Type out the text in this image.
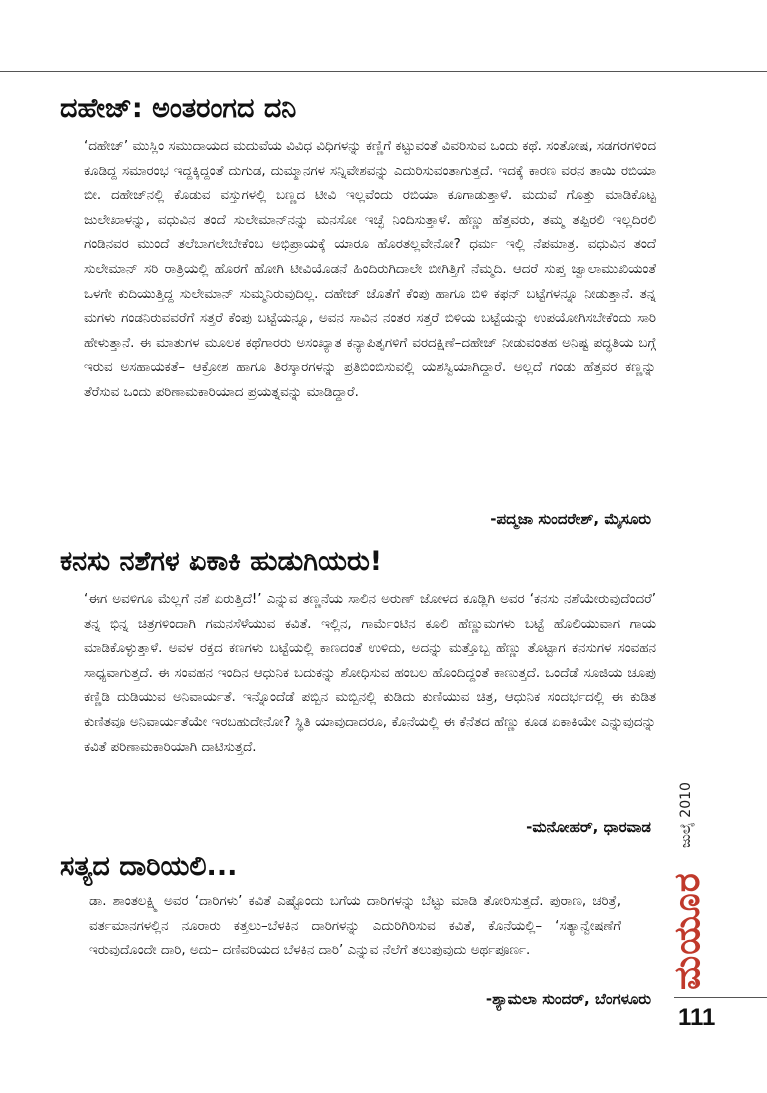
ದಹೇಜ್: ಅಂತರಂಗದ ದನಿ

‘ದಹೇಜ್’ ಮುಸ್ಲಿಂ ಸಮುದಾಯದ ಮದುವೆಯ ವಿವಿಧ ವಿಧಿಗಳನ್ನು ಕಣ್ಣಿಗೆ ಕಟ್ಟುವಂತೆ ವಿವರಿಸುವ ಒಂದು ಕಥೆ. ಸಂತೋಷ, ಸಡಗರಗಳಿಂದ ಕೂಡಿದ್ದ ಸಮಾರಂಭ ಇದ್ದಕ್ಕಿದ್ದಂತೆ ದುಗುಡ, ದುಮ್ಮಾನಗಳ ಸನ್ನಿವೇಶವನ್ನು ಎದುರಿಸುವಂತಾಗುತ್ತದೆ. ಇದಕ್ಕೆ ಕಾರಣ ವರನ ತಾಯಿ ರಬಿಯಾ ಬೀ. ದಹೇಜ್‌ನಲ್ಲಿ ಕೊಡುವ ವಸ್ತುಗಳಲ್ಲಿ ಬಣ್ಣದ ಟೀವಿ ಇಲ್ಲವೆಂದು ರಬಿಯಾ ಕೂಗಾಡುತ್ತಾಳೆ. ಮದುವೆ ಗೊತ್ತು ಮಾಡಿಕೊಟ್ಟ ಜುಲೇಖಾಳನ್ನು, ವಧುವಿನ ತಂದೆ ಸುಲೇಮಾನ್‌ನನ್ನು ಮನಸೋ ಇಚ್ಛೆ ನಿಂದಿಸುತ್ತಾಳೆ. ಹೆಣ್ಣು ಹೆತ್ತವರು, ತಮ್ಮ ತಪ್ಪಿರಲಿ ಇಲ್ಲದಿರಲಿ ಗಂಡಿನವರ ಮುಂದೆ ತಲೆಬಾಗಲೇಬೇಕೆಂಬ ಅಭಿಪ್ರಾಯಕ್ಕೆ ಯಾರೂ ಹೊರತಲ್ಲವೇನೋ? ಧರ್ಮ ಇಲ್ಲಿ ನೆಪಮಾತ್ರ. ವಧುವಿನ ತಂದೆ ಸುಲೇಮಾನ್ ಸರಿ ರಾತ್ರಿಯಲ್ಲಿ ಹೊರಗೆ ಹೋಗಿ ಟೀವಿಯೊಡನೆ ಹಿಂದಿರುಗಿದಾಲೇ ಬೀಗಿತ್ತಿಗೆ ನೆಮ್ಮದಿ. ಆದರೆ ಸುಪ್ತ ಜ್ವಾಲಾಮುಖಿಯಂತೆ ಒಳಗೇ ಕುದಿಯುತ್ತಿದ್ದ ಸುಲೇಮಾನ್ ಸುಮ್ಮನಿರುವುದಿಲ್ಲ. ದಹೇಜ್ ಜೊತೆಗೆ ಕೆಂಪು ಹಾಗೂ ಬಿಳಿ ಕಫನ್ ಬಟ್ಟೆಗಳನ್ನೂ ನೀಡುತ್ತಾನೆ. ತನ್ನ ಮಗಳು ಗಂಡನಿರುವವರೆಗೆ ಸತ್ತರೆ ಕೆಂಪು ಬಟ್ಟೆಯನ್ನೂ, ಅವನ ಸಾವಿನ ನಂತರ ಸತ್ತರೆ ಬಿಳಿಯ ಬಟ್ಟೆಯನ್ನು ಉಪಯೋಗಿಸಬೇಕೆಂದು ಸಾರಿ ಹೇಳುತ್ತಾನೆ. ಈ ಮಾತುಗಳ ಮೂಲಕ ಕಥೆಗಾರರು ಅಸಂಖ್ಯಾತ ಕನ್ಯಾಪಿತೃಗಳಿಗೆ ವರದಕ್ಷಿಣೆ–ದಹೇಜ್ ನೀಡುವಂತಹ ಅನಿಷ್ಟ ಪದ್ಧತಿಯ ಬಗ್ಗೆ ಇರುವ ಅಸಹಾಯಕತೆ– ಆಕ್ರೋಶ ಹಾಗೂ ತಿರಸ್ಕಾರಗಳನ್ನು ಪ್ರತಿಬಿಂಬಿಸುವಲ್ಲಿ ಯಶಸ್ವಿಯಾಗಿದ್ದಾರೆ. ಅಲ್ಲದೆ ಗಂಡು ಹೆತ್ತವರ ಕಣ್ಣನ್ನು ತೆರೆಸುವ ಒಂದು ಪರಿಣಾಮಕಾರಿಯಾದ ಪ್ರಯತ್ನವನ್ನು ಮಾಡಿದ್ದಾರೆ.

-ಪದ್ಮಜಾ ಸುಂದರೇಶ್, ಮೈಸೂರು

ಕನಸು ನಶೆಗಳ ಏಕಾಕಿ ಹುಡುಗಿಯರು!

‘ಈಗ ಅವಳಿಗೂ ಮೆಲ್ಲಗೆ ನಶೆ ಏರುತ್ತಿದೆ!’ ಎನ್ನುವ ತಣ್ಣನೆಯ ಸಾಲಿನ ಅರುಣ್ ಜೋಳದ ಕೂಡ್ಲಿಗಿ ಅವರ ‘ಕನಸು ನಶೆಯೇರುವುದೆಂದರೆ’ ತನ್ನ ಭಿನ್ನ ಚಿತ್ರಗಳಿಂದಾಗಿ ಗಮನಸೆಳೆಯುವ ಕವಿತೆ. ಇಲ್ಲಿನ, ಗಾರ್ಮೆಂಟಿನ ಕೂಲಿ ಹೆಣ್ಣುಮಗಳು ಬಟ್ಟೆ ಹೊಲಿಯುವಾಗ ಗಾಯ ಮಾಡಿಕೊಳ್ಳುತ್ತಾಳೆ. ಅವಳ ರಕ್ತದ ಕಣಗಳು ಬಟ್ಟೆಯಲ್ಲಿ ಕಾಣದಂತೆ ಉಳಿದು, ಅದನ್ನು ಮತ್ತೊಬ್ಬ ಹೆಣ್ಣು ತೊಟ್ಟಾಗ ಕನಸುಗಳ ಸಂವಹನ ಸಾಧ್ಯವಾಗುತ್ತದೆ. ಈ ಸಂವಹನ ಇಂದಿನ ಆಧುನಿಕ ಬದುಕನ್ನು ಶೋಧಿಸುವ ಹಂಬಲ ಹೊಂದಿದ್ದಂತೆ ಕಾಣುತ್ತದೆ. ಒಂದೆಡೆ ಸೂಜಿಯ ಚೂಪು ಕಣ್ಣಿಡಿ ದುಡಿಯುವ ಅನಿವಾರ್ಯತೆ. ಇನ್ನೊಂದೆಡೆ ಪಬ್ಬಿನ ಮಬ್ಬಿನಲ್ಲಿ ಕುಡಿದು ಕುಣಿಯುವ ಚಿತ್ರ, ಆಧುನಿಕ ಸಂದರ್ಭದಲ್ಲಿ ಈ ಕುಡಿತ ಕುಣಿತವೂ ಅನಿವಾರ್ಯತೆಯೇ ಇರಬಹುದೇನೋ? ಸ್ಥಿತಿ ಯಾವುದಾದರೂ, ಕೊನೆಯಲ್ಲಿ ಈ ಕೆನೆತದ ಹೆಣ್ಣು ಕೂಡ ಏಕಾಕಿಯೇ ಎನ್ನುವುದನ್ನು ಕವಿತೆ ಪರಿಣಾಮಕಾರಿಯಾಗಿ ದಾಟಿಸುತ್ತದೆ.

-ಮನೋಹರ್, ಧಾರವಾಡ

ಸತ್ಯದ ದಾರಿಯಲಿ...

ಡಾ. ಶಾಂತಲಕ್ಷ್ಮಿ ಅವರ ‘ದಾರಿಗಳು’ ಕವಿತೆ ಎಷ್ಟೊಂದು ಬಗೆಯ ದಾರಿಗಳನ್ನು ಬೆಟ್ಟು ಮಾಡಿ ತೋರಿಸುತ್ತದೆ. ಪುರಾಣ, ಚರಿತ್ರೆ, ವರ್ತಮಾನಗಳಲ್ಲಿನ ನೂರಾರು ಕತ್ತಲು–ಬೆಳಕಿನ ದಾರಿಗಳನ್ನು ಎದುರಿಗಿರಿಸುವ ಕವಿತೆ, ಕೊನೆಯಲ್ಲಿ– ‘ಸತ್ಯಾನ್ವೇಷಣೆಗೆ ಇರುವುದೊಂದೇ ದಾರಿ, ಅದು– ದಣಿವರಿಯದ ಬೆಳಕಿನ ದಾರಿ’ ಎನ್ನುವ ನೆಲೆಗೆ ತಲುಪುವುದು ಅರ್ಥಪೂರ್ಣ.

-ಶ್ಯಾಮಲಾ ಸುಂದರ್, ಬೆಂಗಳೂರು

ಜುಲೈ 2010

ಮಯೂರ

111
